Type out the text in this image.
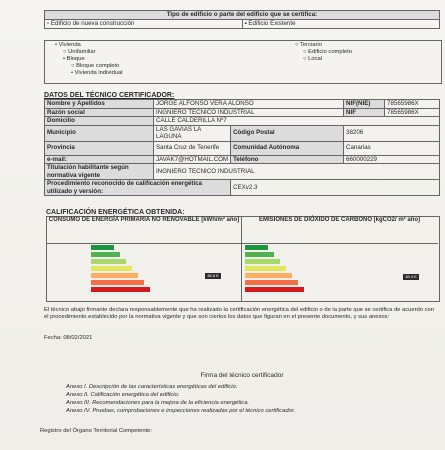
Tipo de edificio o parte del edificio que se certifica:
▫ Edificio de nueva construcción	▪ Edificio Existente
• Vivienda
○ Unifamiliar
• Bloque
○ Bloque completo
• Vivienda individual
○ Terciario
○ Edificio completo
○ Local
DATOS DEL TÉCNICO CERTIFICADOR:
Nombre y Apellidos	JORGE ALFONSO VERA ALONSO		NIF(NIE)	78565986X
Razón social	INGNIERO TECNICO INDUSTRIAL		NIF	78565986X
Domicilio	CALLE CALDERILLA Nº7			
Municipio	LAS GAVIAS LA LAGUNA	Código Postal	38206	
Provincia	Santa Cruz de Tenerife	Comunidad Autónoma	Canarias	
e-mail:	JAVAK7@HOTMAIL.COM	Teléfono	660000229	
Titulación habilitante según normativa vigente	INGNIERO TECNICO INDUSTRIAL			
Procedimiento reconocido de calificación energética utilizado y versión:		CEXv2.3		
CALIFICACIÓN ENERGÉTICA OBTENIDA:
CONSUMO DE ENERGÍA PRIMARIA NO RENOVABLE [kWh/m² año]
38.8 E
EMISIONES DE DIÓXIDO DE CARBONO [kgCO2/ m² año]
38.3 E
El técnico abajo firmante declara responsablemente que ha realizado la certificación energética del edificio o de la parte que se certifica de acuerdo con el procedimiento establecido por la normativa vigente y que son ciertos los datos que figuran en el presente documento, y sus anexos:
Fecha: 08/02/2021
Firma del técnico certificador
Anexo I. Descripción de las características energéticas del edificio.
Anexo II. Calificación energética del edificio.
Anexo III. Recomendaciones para la mejora de la eficiencia energética.
Anexo IV. Pruebas, comprobaciones e inspecciones realizadas por el técnico certificador.
Registro del Órgano Territorial Competente:
